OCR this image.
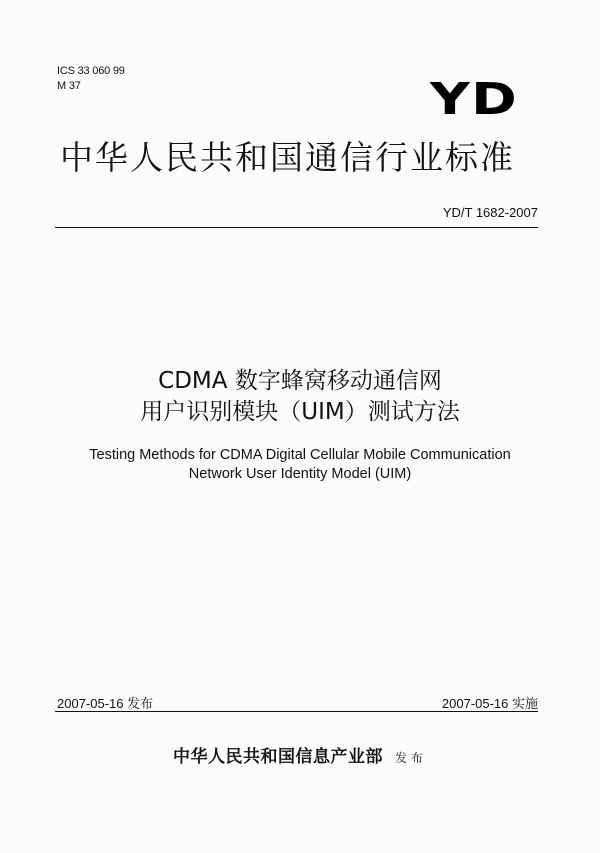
ICS 33 060 99
M 37	YD
中华人民共和国通信行业标准
YD/T 1682-2007
CDMA 数字蜂窝移动通信网
用户识别模块（UIM）测试方法
Testing Methods for CDMA Digital Cellular Mobile Communication
Network User Identity Model (UIM)
2007-05-16 发布	2007-05-16 实施
中华人民共和国信息产业部 发布
